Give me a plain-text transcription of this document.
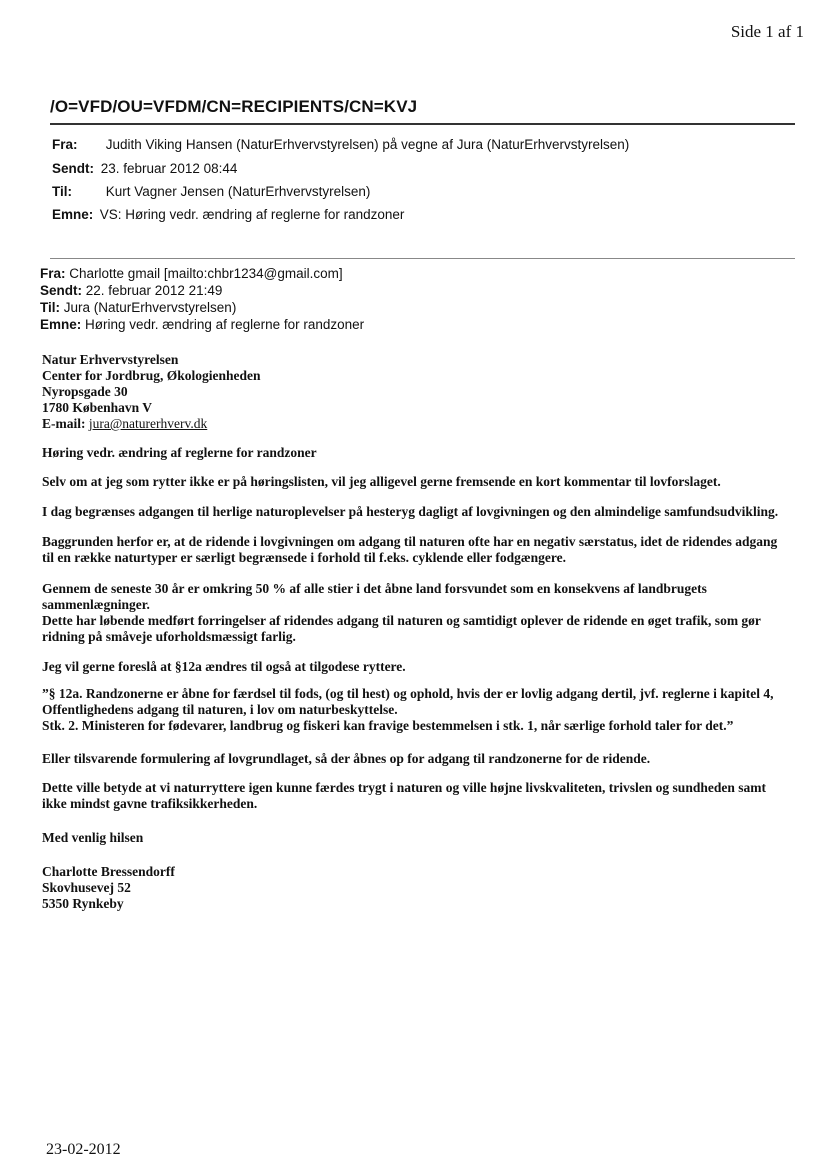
Side 1 af 1
/O=VFD/OU=VFDM/CN=RECIPIENTS/CN=KVJ
Fra: Judith Viking Hansen (NaturErhvervstyrelsen) på vegne af Jura (NaturErhvervstyrelsen)
Sendt: 23. februar 2012 08:44
Til:	Kurt Vagner Jensen (NaturErhvervstyrelsen)
Emne: VS: Høring vedr. ændring af reglerne for randzoner
Fra: Charlotte gmail [mailto:chbr1234@gmail.com]
Sendt: 22. februar 2012 21:49
Til: Jura (NaturErhvervstyrelsen)
Emne: Høring vedr. ændring af reglerne for randzoner
Natur Erhvervstyrelsen
Center for Jordbrug, Økologienheden
Nyropsgade 30
1780 København V
E-mail: jura@naturerhverv.dk
Høring vedr. ændring af reglerne for randzoner
Selv om at jeg som rytter ikke er på høringslisten, vil jeg alligevel gerne fremsende en kort kommentar til lovforslaget.
I dag begrænses adgangen til herlige naturoplevelser på hesteryg dagligt af lovgivningen og den almindelige samfundsudvikling.
Baggrunden herfor er, at de ridende i lovgivningen om adgang til naturen ofte har en negativ særstatus, idet de ridendes adgang
til en række naturtyper er særligt begrænsede i forhold til f.eks. cyklende eller fodgængere.
Gennem de seneste 30 år er omkring 50 % af alle stier i det åbne land forsvundet som en konsekvens af landbrugets
sammenlægninger.
Dette har løbende medført forringelser af ridendes adgang til naturen og samtidigt oplever de ridende en øget trafik, som gør
ridning på småveje uforholdsmæssigt farlig.
Jeg vil gerne foreslå at §12a ændres til også at tilgodese ryttere.
”§ 12a. Randzonerne er åbne for færdsel til fods, (og til hest) og ophold, hvis der er lovlig adgang dertil, jvf. reglerne i kapitel 4,
Offentlighedens adgang til naturen, i lov om naturbeskyttelse.
Stk. 2. Ministeren for fødevarer, landbrug og fiskeri kan fravige bestemmelsen i stk. 1, når særlige forhold taler for det.”
Eller tilsvarende formulering af lovgrundlaget, så der åbnes op for adgang til randzonerne for de ridende.
Dette ville betyde at vi naturryttere igen kunne færdes trygt i naturen og ville højne livskvaliteten, trivslen og sundheden samt
ikke mindst gavne trafiksikkerheden.
Med venlig hilsen
Charlotte Bressendorff
Skovhusevej 52
5350 Rynkeby
23-02-2012
